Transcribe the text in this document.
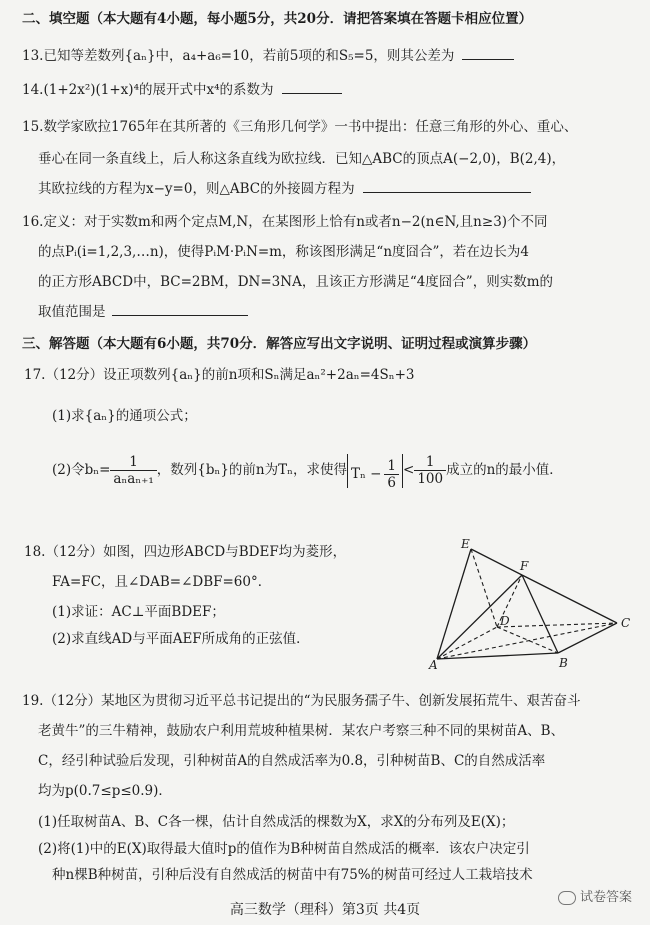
二、填空题（本大题有4小题，每小题5分，共20分．请把答案填在答题卡相应位置）
13.已知等差数列{aₙ}中，a₄+a₆=10，若前5项的和S₅=5，则其公差为
14.(1+2x²)(1+x)⁴的展开式中x⁴的系数为
15.数学家欧拉1765年在其所著的《三角形几何学》一书中提出：任意三角形的外心、重心、
垂心在同一条直线上，后人称这条直线为欧拉线．已知△ABC的顶点A(−2,0)，B(2,4)，
其欧拉线的方程为x−y=0，则△ABC的外接圆方程为
16.定义：对于实数m和两个定点M,N，在某图形上恰有n或者n−2(n∈N,且n≥3)个不同
的点Pᵢ(i=1,2,3,…n)，使得PᵢM·PᵢN=m，称该图形满足“n度囧合”，若在边长为4
的正方形ABCD中，BC=2BM，DN=3NA，且该正方形满足“4度囧合”，则实数m的
取值范围是
三、解答题（本大题有6小题，共70分．解答应写出文字说明、证明过程或演算步骤）
17.（12分）设正项数列{aₙ}的前n项和Sₙ满足aₙ²+2aₙ=4Sₙ+3
(1)求{aₙ}的通项公式；
(2)令$b_n= \frac{1}{\text{aₙaₙ₊₁}}$ ，数列{bₙ}的前n为Tₙ，求使得 $T_n - \frac{1}{6} < \frac{1}{100}$ 成立的n的最小值．
18.（12分）如图，四边形ABCD与BDEF均为菱形，
FA=FC，且∠DAB=∠DBF=60°．
(1)求证：AC⊥平面BDEF；
(2)求直线AD与平面AEF所成角的正弦值．
E
F
D	C
A	B
19.（12分）某地区为贯彻习近平总书记提出的“为民服务孺子牛、创新发展拓荒牛、艰苦奋斗
老黄牛”的三牛精神，鼓励农户利用荒坡种植果树．某农户考察三种不同的果树苗A、B、
C，经引种试验后发现，引种树苗A的自然成活率为0.8，引种树苗B、C的自然成活率
均为p(0.7≤p≤0.9)．
(1)任取树苗A、B、C各一棵，估计自然成活的棵数为X，求X的分布列及E(X)；
(2)将(1)中的E(X)取得最大值时p的值作为B种树苗自然成活的概率．该农户决定引
种n棵B种树苗，引种后没有自然成活的树苗中有75%的树苗可经过人工栽培技术
高三数学（理科）第3页 共4页
试卷答案
